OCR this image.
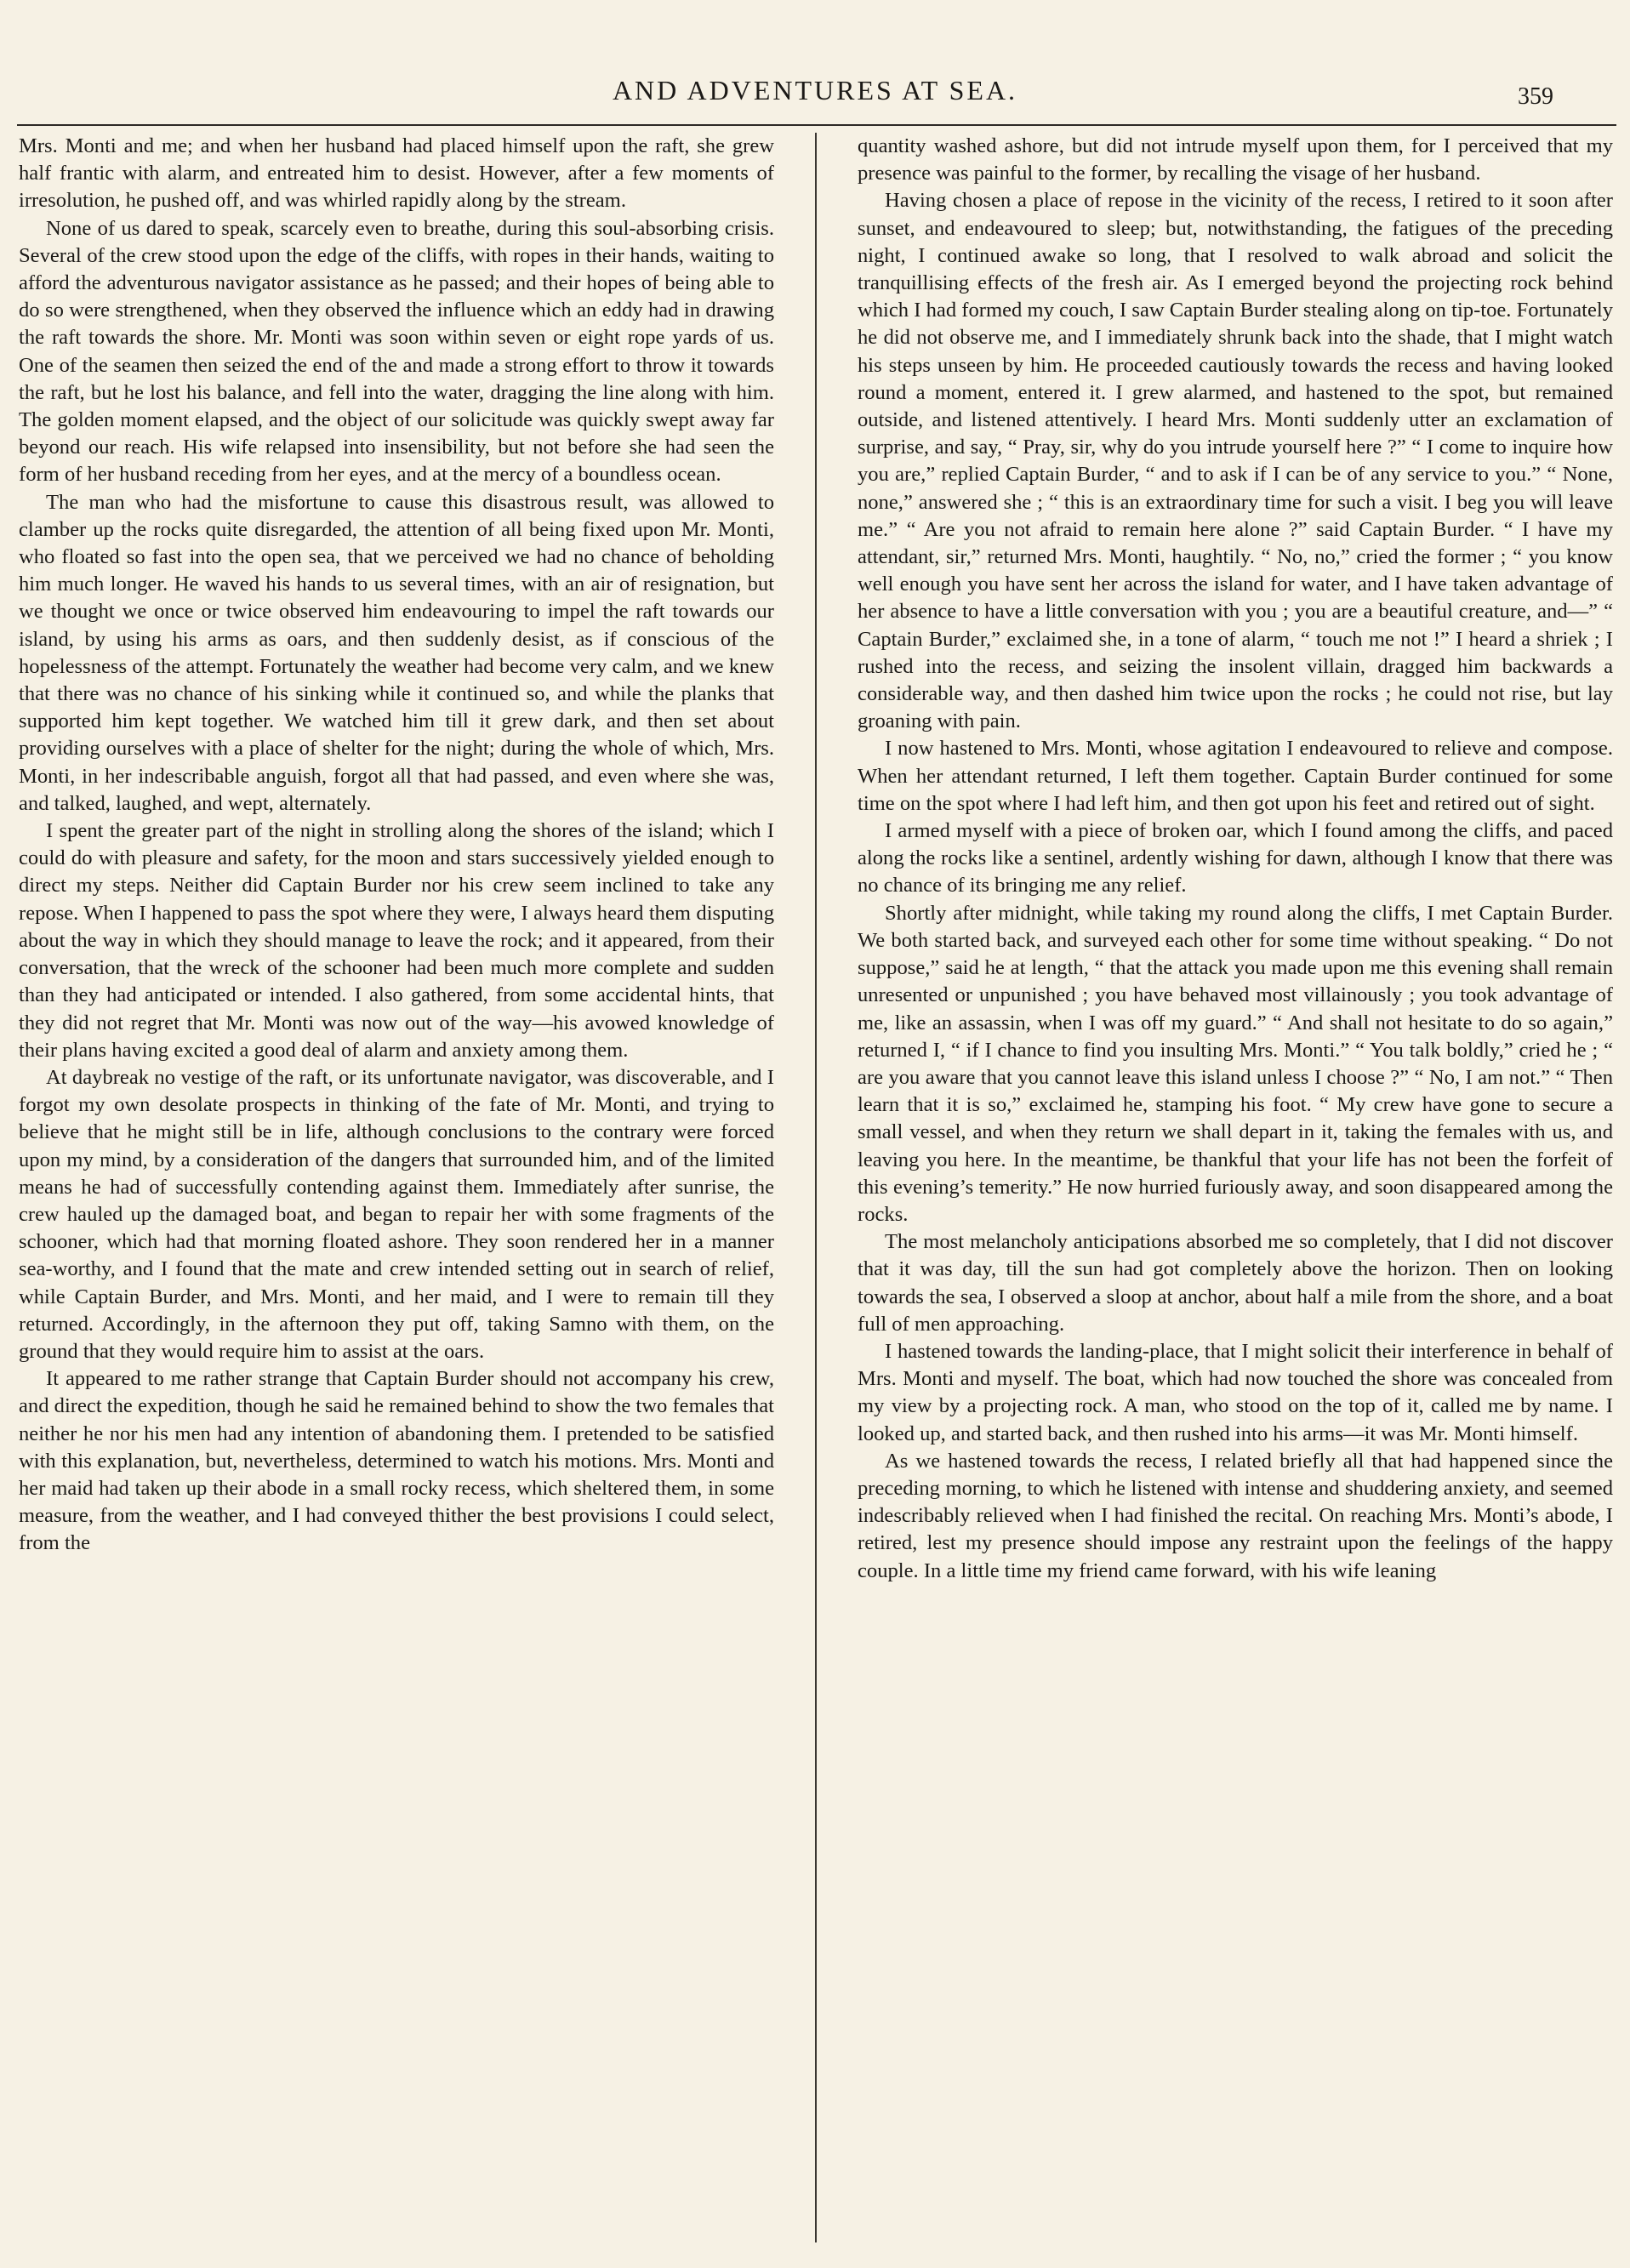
AND ADVENTURES AT SEA.	359

Mrs. Monti and me; and when her husband had placed himself upon the raft, she grew half frantic with alarm, and entreated him to desist. However, after a few moments of irresolution, he pushed off, and was whirled rapidly along by the stream.

None of us dared to speak, scarcely even to breathe, during this soul-absorbing crisis. Several of the crew stood upon the edge of the cliffs, with ropes in their hands, waiting to afford the adventurous navigator assistance as he passed; and their hopes of being able to do so were strengthened, when they observed the influence which an eddy had in drawing the raft towards the shore. Mr. Monti was soon within seven or eight rope yards of us. One of the seamen then seized the end of the and made a strong effort to throw it towards the raft, but he lost his balance, and fell into the water, dragging the line along with him. The golden moment elapsed, and the object of our solicitude was quickly swept away far beyond our reach. His wife relapsed into insensibility, but not before she had seen the form of her husband receding from her eyes, and at the mercy of a boundless ocean.

The man who had the misfortune to cause this disastrous result, was allowed to clamber up the rocks quite disregarded, the attention of all being fixed upon Mr. Monti, who floated so fast into the open sea, that we perceived we had no chance of beholding him much longer. He waved his hands to us several times, with an air of resignation, but we thought we once or twice observed him endeavouring to impel the raft towards our island, by using his arms as oars, and then suddenly desist, as if conscious of the hopelessness of the attempt. Fortunately the weather had become very calm, and we knew that there was no chance of his sinking while it continued so, and while the planks that supported him kept together. We watched him till it grew dark, and then set about providing ourselves with a place of shelter for the night; during the whole of which, Mrs. Monti, in her indescribable anguish, forgot all that had passed, and even where she was, and talked, laughed, and wept, alternately.

I spent the greater part of the night in strolling along the shores of the island; which I could do with pleasure and safety, for the moon and stars successively yielded enough to direct my steps. Neither did Captain Burder nor his crew seem inclined to take any repose. When I happened to pass the spot where they were, I always heard them disputing about the way in which they should manage to leave the rock; and it appeared, from their conversation, that the wreck of the schooner had been much more complete and sudden than they had anticipated or intended. I also gathered, from some accidental hints, that they did not regret that Mr. Monti was now out of the way—his avowed knowledge of their plans having excited a good deal of alarm and anxiety among them.

At daybreak no vestige of the raft, or its unfortunate navigator, was discoverable, and I forgot my own desolate prospects in thinking of the fate of Mr. Monti, and trying to believe that he might still be in life, although conclusions to the contrary were forced upon my mind, by a consideration of the dangers that surrounded him, and of the limited means he had of successfully contending against them. Immediately after sunrise, the crew hauled up the damaged boat, and began to repair her with some fragments of the schooner, which had that morning floated ashore. They soon rendered her in a manner sea-worthy, and I found that the mate and crew intended setting out in search of relief, while Captain Burder, and Mrs. Monti, and her maid, and I were to remain till they returned. Accordingly, in the afternoon they put off, taking Samno with them, on the ground that they would require him to assist at the oars.

It appeared to me rather strange that Captain Burder should not accompany his crew, and direct the expedition, though he said he remained behind to show the two females that neither he nor his men had any intention of abandoning them. I pretended to be satisfied with this explanation, but, nevertheless, determined to watch his motions. Mrs. Monti and her maid had taken up their abode in a small rocky recess, which sheltered them, in some measure, from the weather, and I had conveyed thither the best provisions I could select, from the

quantity washed ashore, but did not intrude myself upon them, for I perceived that my presence was painful to the former, by recalling the visage of her husband.

Having chosen a place of repose in the vicinity of the recess, I retired to it soon after sunset, and endeavoured to sleep; but, notwithstanding, the fatigues of the preceding night, I continued awake so long, that I resolved to walk abroad and solicit the tranquillising effects of the fresh air. As I emerged beyond the projecting rock behind which I had formed my couch, I saw Captain Burder stealing along on tip-toe. Fortunately he did not observe me, and I immediately shrunk back into the shade, that I might watch his steps unseen by him. He proceeded cautiously towards the recess and having looked round a moment, entered it. I grew alarmed, and hastened to the spot, but remained outside, and listened attentively. I heard Mrs. Monti suddenly utter an exclamation of surprise, and say, “ Pray, sir, why do you intrude yourself here ?” “ I come to inquire how you are,” replied Captain Burder, “ and to ask if I can be of any service to you.” “ None, none,” answered she ; “ this is an extraordinary time for such a visit. I beg you will leave me.” “ Are you not afraid to remain here alone ?” said Captain Burder. “ I have my attendant, sir,” returned Mrs. Monti, haughtily. “ No, no,” cried the former ; “ you know well enough you have sent her across the island for water, and I have taken advantage of her absence to have a little conversation with you ; you are a beautiful creature, and—” “ Captain Burder,” exclaimed she, in a tone of alarm, “ touch me not !” I heard a shriek ; I rushed into the recess, and seizing the insolent villain, dragged him backwards a considerable way, and then dashed him twice upon the rocks ; he could not rise, but lay groaning with pain.

I now hastened to Mrs. Monti, whose agitation I endeavoured to relieve and compose. When her attendant returned, I left them together. Captain Burder continued for some time on the spot where I had left him, and then got upon his feet and retired out of sight.

I armed myself with a piece of broken oar, which I found among the cliffs, and paced along the rocks like a sentinel, ardently wishing for dawn, although I know that there was no chance of its bringing me any relief.

Shortly after midnight, while taking my round along the cliffs, I met Captain Burder. We both started back, and surveyed each other for some time without speaking. “ Do not suppose,” said he at length, “ that the attack you made upon me this evening shall remain unresented or unpunished ; you have behaved most villainously ; you took advantage of me, like an assassin, when I was off my guard.” “ And shall not hesitate to do so again,” returned I, “ if I chance to find you insulting Mrs. Monti.” “ You talk boldly,” cried he ; “ are you aware that you cannot leave this island unless I choose ?” “ No, I am not.” “ Then learn that it is so,” exclaimed he, stamping his foot. “ My crew have gone to secure a small vessel, and when they return we shall depart in it, taking the females with us, and leaving you here. In the meantime, be thankful that your life has not been the forfeit of this evening’s temerity.” He now hurried furiously away, and soon disappeared among the rocks.

The most melancholy anticipations absorbed me so completely, that I did not discover that it was day, till the sun had got completely above the horizon. Then on looking towards the sea, I observed a sloop at anchor, about half a mile from the shore, and a boat full of men approaching.

I hastened towards the landing-place, that I might solicit their interference in behalf of Mrs. Monti and myself. The boat, which had now touched the shore was concealed from my view by a projecting rock. A man, who stood on the top of it, called me by name. I looked up, and started back, and then rushed into his arms—it was Mr. Monti himself.

As we hastened towards the recess, I related briefly all that had happened since the preceding morning, to which he listened with intense and shuddering anxiety, and seemed indescribably relieved when I had finished the recital. On reaching Mrs. Monti’s abode, I retired, lest my presence should impose any restraint upon the feelings of the happy couple. In a little time my friend came forward, with his wife leaning
